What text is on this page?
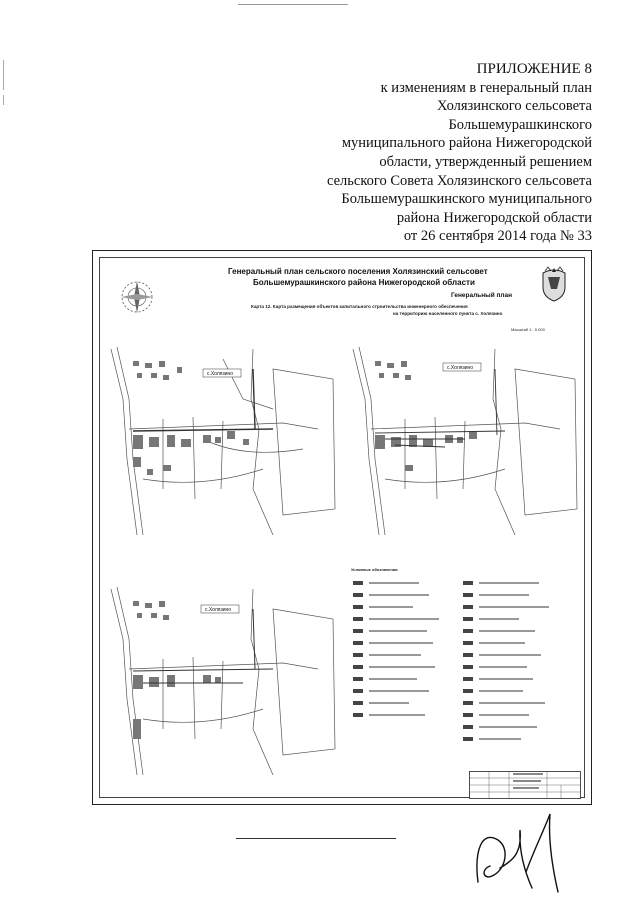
ПРИЛОЖЕНИЕ 8
к изменениям в генеральный план
Холязинского сельсовета
Большемурашкинского
муниципального района Нижегородской
области, утвержденный решением
сельского Совета Холязинского сельсовета
Большемурашкинского муниципального
района Нижегородской области
от 26 сентября 2014 года № 33
Генеральный план сельского поселения Холязинский сельсовет
Большемурашкинского района Нижегородской области
Генеральный план
Карта 12. Карта размещения объектов капитального строительства инженерного обеспечения
на территорию населенного пункта с. Холязино
Масштаб 1 : 5 000
с.Холязино
с.Холязино
с.Холязино
Условные обозначения
